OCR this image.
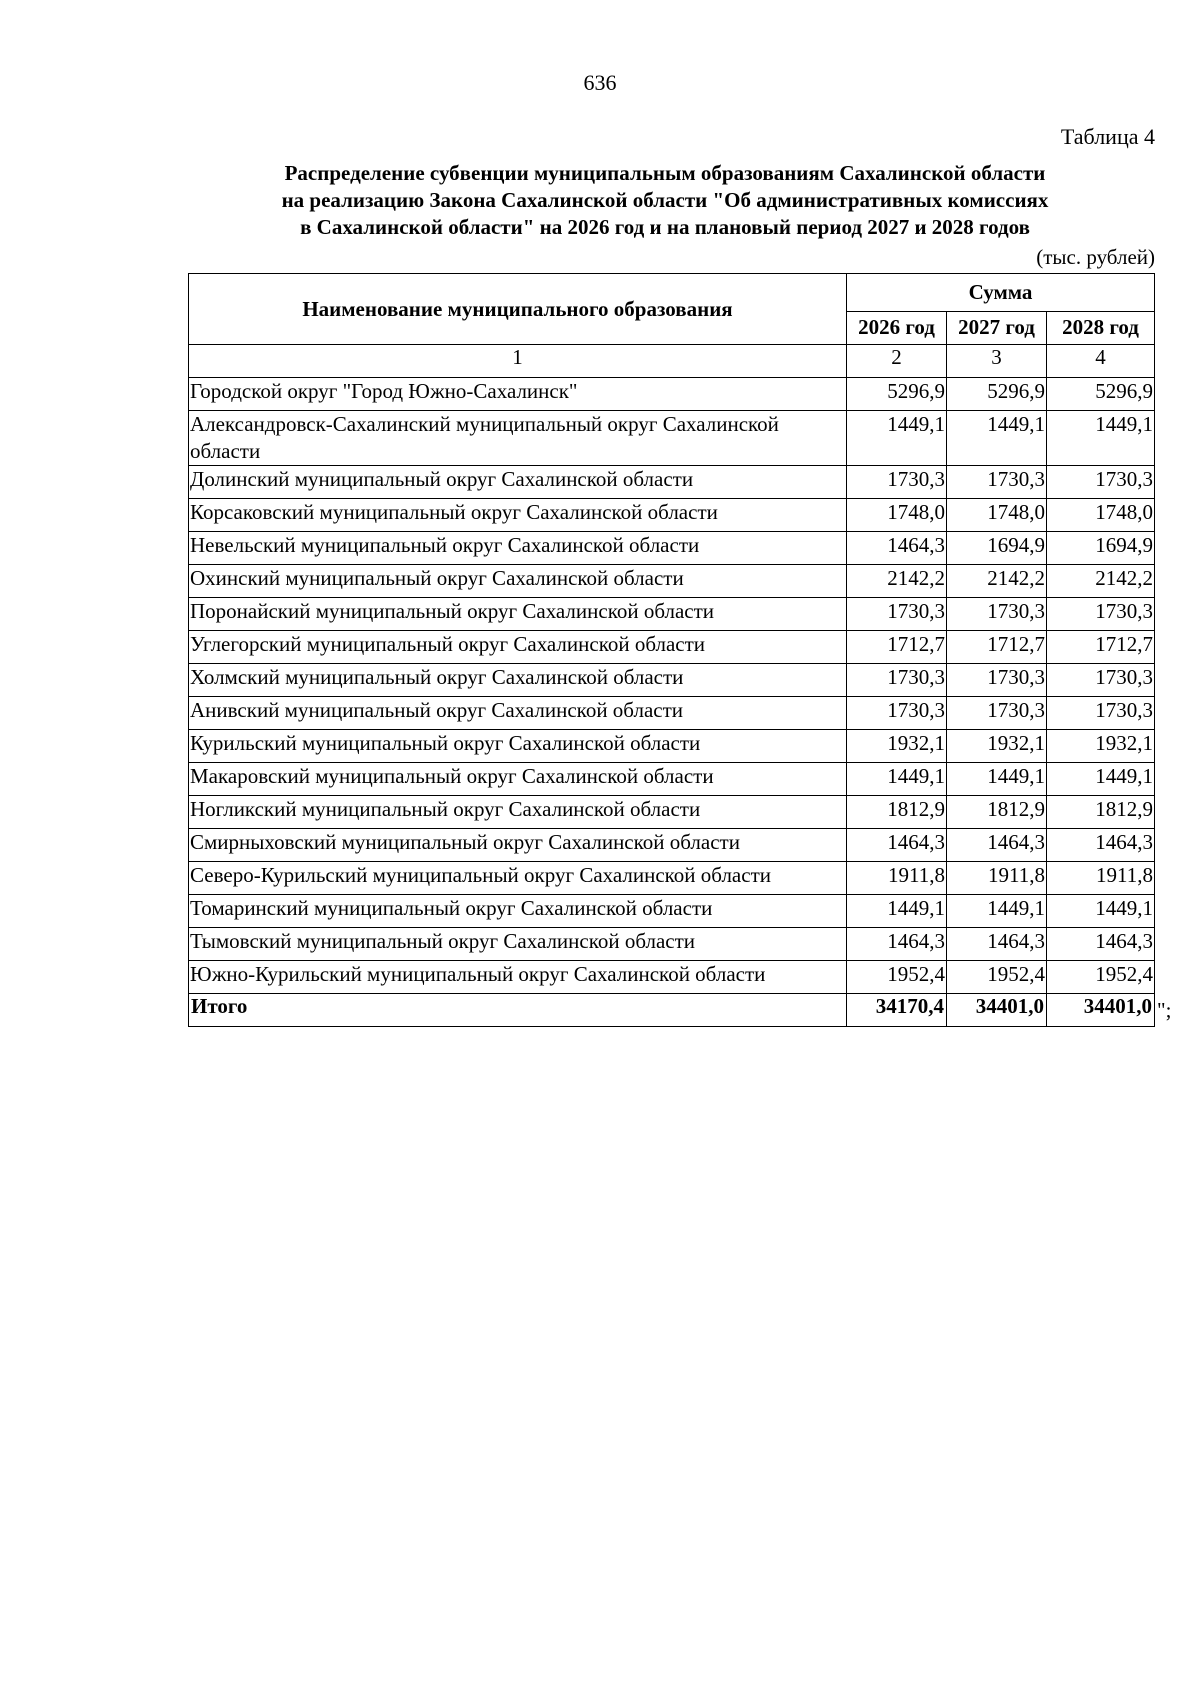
636
Таблица 4
Распределение субвенции муниципальным образованиям Сахалинской области
на реализацию Закона Сахалинской области "Об административных комиссиях
в Сахалинской области" на 2026 год и на плановый период 2027 и 2028 годов
(тыс. рублей)
Наименование муниципального образования	Сумма		
	2026 год	2027 год	2028 год
1	2	3	4
Городской округ "Город Южно-Сахалинск"	5296,9	5296,9	5296,9
Александровск-Сахалинский муниципальный округ Сахалинской области	1449,1	1449,1	1449,1
Долинский муниципальный округ Сахалинской области	1730,3	1730,3	1730,3
Корсаковский муниципальный округ Сахалинской области	1748,0	1748,0	1748,0
Невельский муниципальный округ Сахалинской области	1464,3	1694,9	1694,9
Охинский муниципальный округ Сахалинской области	2142,2	2142,2	2142,2
Поронайский муниципальный округ Сахалинской области	1730,3	1730,3	1730,3
Углегорский муниципальный округ Сахалинской области	1712,7	1712,7	1712,7
Холмский муниципальный округ Сахалинской области	1730,3	1730,3	1730,3
Анивский муниципальный округ Сахалинской области	1730,3	1730,3	1730,3
Курильский муниципальный округ Сахалинской области	1932,1	1932,1	1932,1
Макаровский муниципальный округ Сахалинской области	1449,1	1449,1	1449,1
Ногликский муниципальный округ Сахалинской области	1812,9	1812,9	1812,9
Смирныховский муниципальный округ Сахалинской области	1464,3	1464,3	1464,3
Северо-Курильский муниципальный округ Сахалинской области	1911,8	1911,8	1911,8
Томаринский муниципальный округ Сахалинской области	1449,1	1449,1	1449,1
Тымовский муниципальный округ Сахалинской области	1464,3	1464,3	1464,3
Южно-Курильский муниципальный округ Сахалинской области	1952,4	1952,4	1952,4
Итого	34170,4	34401,0	34401,0 ";
